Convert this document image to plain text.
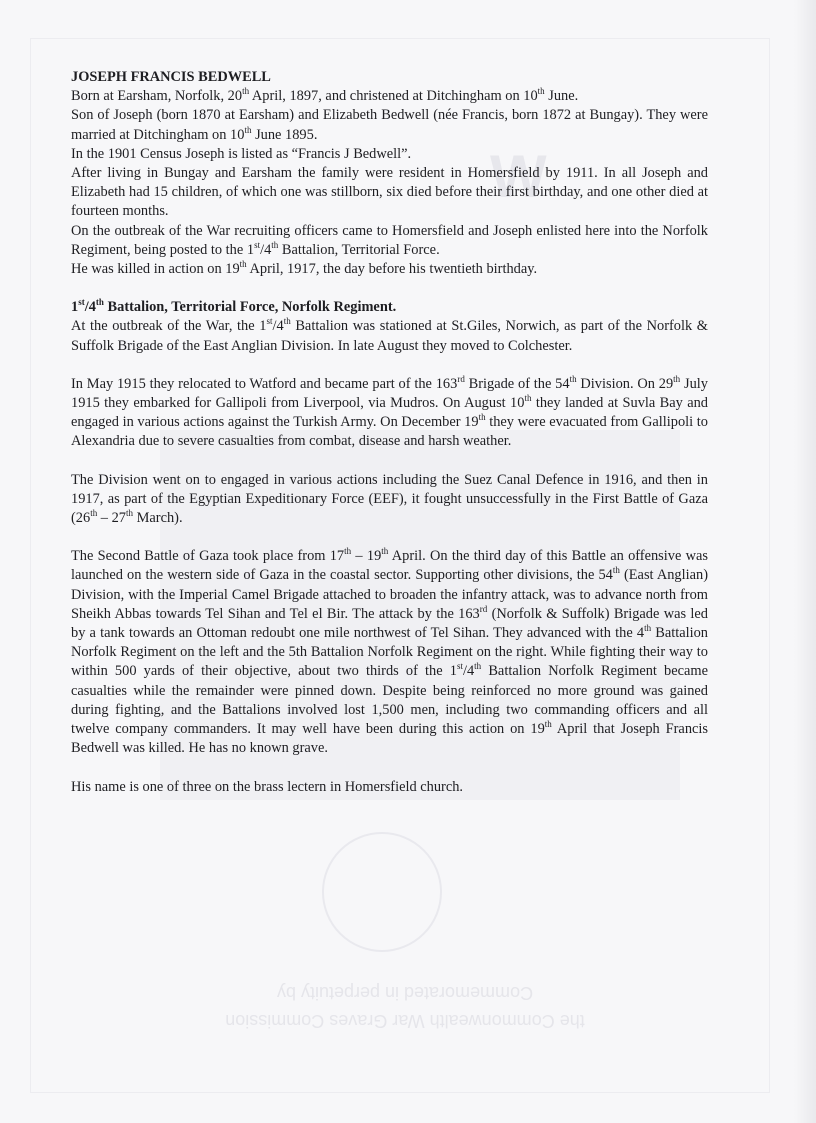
W
Commemorated in perpetuity by
the Commonwealth War Graves Commission

JOSEPH FRANCIS BEDWELL

Born at Earsham, Norfolk, 20th April, 1897, and christened at Ditchingham on 10th June.

Son of Joseph (born 1870 at Earsham) and Elizabeth Bedwell (née Francis, born 1872 at Bungay). They were married at Ditchingham on 10th June 1895.

In the 1901 Census Joseph is listed as “Francis J Bedwell”.

After living in Bungay and Earsham the family were resident in Homersfield by 1911. In all Joseph and Elizabeth had 15 children, of which one was stillborn, six died before their first birthday, and one other died at fourteen months.

On the outbreak of the War recruiting officers came to Homersfield and Joseph enlisted here into the Norfolk Regiment, being posted to the 1st/4th Battalion, Territorial Force.

He was killed in action on 19th April, 1917, the day before his twentieth birthday.

1st/4th Battalion, Territorial Force, Norfolk Regiment.

At the outbreak of the War, the 1st/4th Battalion was stationed at St.Giles, Norwich, as part of the Norfolk & Suffolk Brigade of the East Anglian Division. In late August they moved to Colchester.

In May 1915 they relocated to Watford and became part of the 163rd Brigade of the 54th Division. On 29th July 1915 they embarked for Gallipoli from Liverpool, via Mudros. On August 10th they landed at Suvla Bay and engaged in various actions against the Turkish Army. On December 19th they were evacuated from Gallipoli to Alexandria due to severe casualties from combat, disease and harsh weather.

The Division went on to engaged in various actions including the Suez Canal Defence in 1916, and then in 1917, as part of the Egyptian Expeditionary Force (EEF), it fought unsuccessfully in the First Battle of Gaza (26th – 27th March).

The Second Battle of Gaza took place from 17th – 19th April. On the third day of this Battle an offensive was launched on the western side of Gaza in the coastal sector. Supporting other divisions, the 54th (East Anglian) Division, with the Imperial Camel Brigade attached to broaden the infantry attack, was to advance north from Sheikh Abbas towards Tel Sihan and Tel el Bir. The attack by the 163rd (Norfolk & Suffolk) Brigade was led by a tank towards an Ottoman redoubt one mile northwest of Tel Sihan. They advanced with the 4th Battalion Norfolk Regiment on the left and the 5th Battalion Norfolk Regiment on the right. While fighting their way to within 500 yards of their objective, about two thirds of the 1st/4th Battalion Norfolk Regiment became casualties while the remainder were pinned down. Despite being reinforced no more ground was gained during fighting, and the Battalions involved lost 1,500 men, including two commanding officers and all twelve company commanders. It may well have been during this action on 19th April that Joseph Francis Bedwell was killed. He has no known grave.

His name is one of three on the brass lectern in Homersfield church.
